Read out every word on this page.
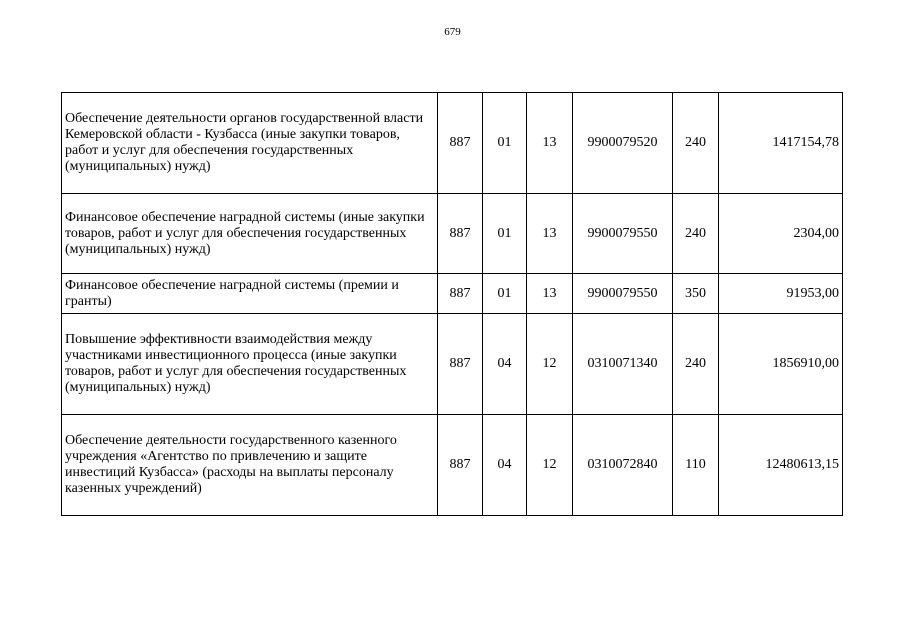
679
Обеспечение деятельности органов государственной власти Кемеровской области - Кузбасса (иные закупки товаров, работ и услуг для обеспечения государственных (муниципальных) нужд)	887	01	13	9900079520	240	1417154,78
Финансовое обеспечение наградной системы (иные закупки товаров, работ и услуг для обеспечения государственных (муниципальных) нужд)	887	01	13	9900079550	240	2304,00
Финансовое обеспечение наградной системы (премии и гранты)	887	01	13	9900079550	350	91953,00
Повышение эффективности взаимодействия между участниками инвестиционного процесса (иные закупки товаров, работ и услуг для обеспечения государственных (муниципальных) нужд)	887	04	12	0310071340	240	1856910,00
Обеспечение деятельности государственного казенного учреждения «Агентство по привлечению и защите инвестиций Кузбасса» (расходы на выплаты персоналу казенных учреждений)	887	04	12	0310072840	110	12480613,15
